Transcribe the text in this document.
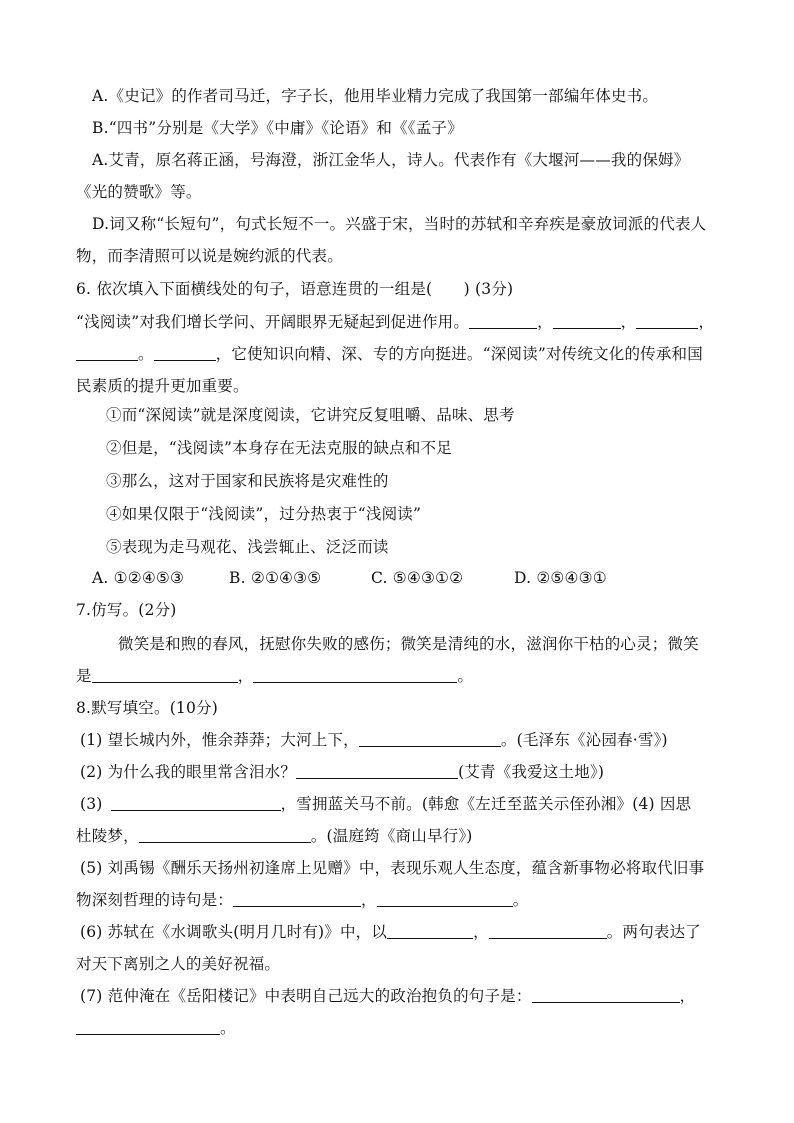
A.《史记》的作者司马迁，字子长，他用毕业精力完成了我国第一部编年体史书。
B.“四书”分别是《大学》《中庸》《论语》和《《孟子》
A.艾青，原名蒋正涵，号海澄，浙江金华人，诗人。代表作有《大堰河——我的保姆》
《光的赞歌》等。
D.词又称“长短句”，句式长短不一。兴盛于宋，当时的苏轼和辛弃疾是豪放词派的代表人
物，而李清照可以说是婉约派的代表。
6. 依次填入下面横线处的句子，语意连贯的一组是(　　) (3分)
“浅阅读”对我们增长学问、开阔眼界无疑起到促进作用。	，	，	，
。	，它使知识向精、深、专的方向挺进。“深阅读”对传统文化的传承和国
民素质的提升更加重要。
①而“深阅读”就是深度阅读，它讲究反复咀嚼、品味、思考
②但是，“浅阅读”本身存在无法克服的缺点和不足
③那么，这对于国家和民族将是灾难性的
④如果仅限于“浅阅读”，过分热衷于“浅阅读”
⑤表现为走马观花、浅尝辄止、泛泛而读
A. ①②④⑤③	B. ②①④③⑤	C. ⑤④③①②	D. ②⑤④③①
7.仿写。(2分)
微笑是和煦的春风，抚慰你失败的感伤；微笑是清纯的水，滋润你干枯的心灵；微笑
是	，	。
8.默写填空。(10分)
(1) 望长城内外，惟余莽莽；大河上下，	。(毛泽东《沁园春·雪》)
(2) 为什么我的眼里常含泪水？	(艾青《我爱这土地》)
(3)	，雪拥蓝关马不前。(韩愈《左迁至蓝关示侄孙湘》(4) 因思
杜陵梦，	。(温庭筠《商山早行》)
(5) 刘禹锡《酬乐天扬州初逢席上见赠》中，表现乐观人生态度，蕴含新事物必将取代旧事
物深刻哲理的诗句是：	，	。
(6) 苏轼在《水调歌头(明月几时有)》中，以	，	。两句表达了
对天下离别之人的美好祝福。
(7) 范仲淹在《岳阳楼记》中表明自己远大的政治抱负的句子是：	，
。
